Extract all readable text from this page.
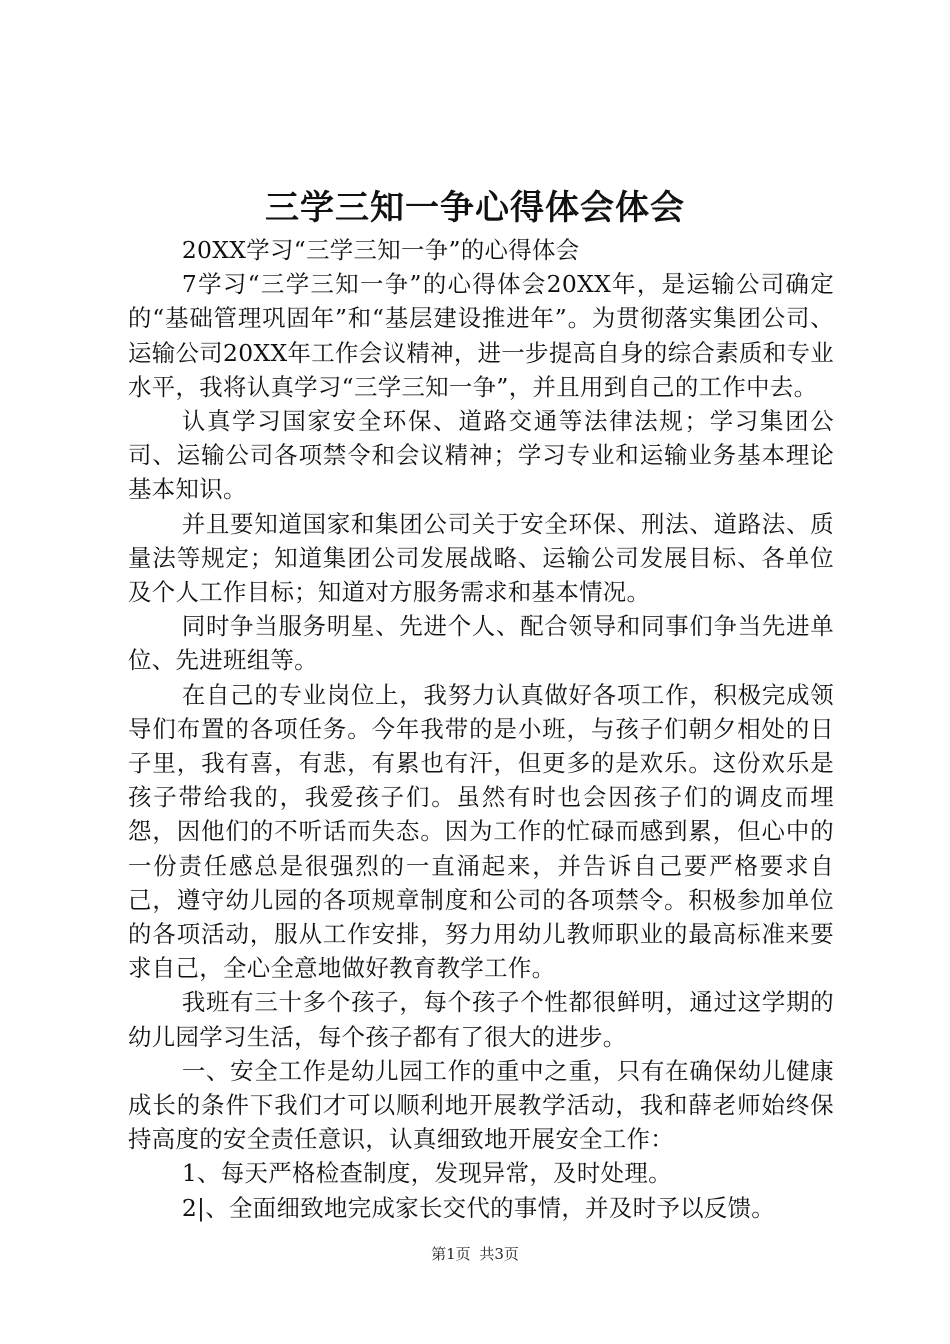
三学三知一争心得体会体会

20XX学习“三学三知一争”的心得体会

7学习“三学三知一争”的心得体会20XX年，是运输公司确定的“基础管理巩固年”和“基层建设推进年”。为贯彻落实集团公司、运输公司20XX年工作会议精神，进一步提高自身的综合素质和专业水平，我将认真学习“三学三知一争”，并且用到自己的工作中去。

认真学习国家安全环保、道路交通等法律法规；学习集团公司、运输公司各项禁令和会议精神；学习专业和运输业务基本理论基本知识。

并且要知道国家和集团公司关于安全环保、刑法、道路法、质量法等规定；知道集团公司发展战略、运输公司发展目标、各单位及个人工作目标；知道对方服务需求和基本情况。

同时争当服务明星、先进个人、配合领导和同事们争当先进单位、先进班组等。

在自己的专业岗位上，我努力认真做好各项工作，积极完成领导们布置的各项任务。今年我带的是小班，与孩子们朝夕相处的日子里，我有喜，有悲，有累也有汗，但更多的是欢乐。这份欢乐是孩子带给我的，我爱孩子们。虽然有时也会因孩子们的调皮而埋怨，因他们的不听话而失态。因为工作的忙碌而感到累，但心中的一份责任感总是很强烈的一直涌起来，并告诉自己要严格要求自己，遵守幼儿园的各项规章制度和公司的各项禁令。积极参加单位的各项活动，服从工作安排，努力用幼儿教师职业的最高标准来要求自己，全心全意地做好教育教学工作。

我班有三十多个孩子，每个孩子个性都很鲜明，通过这学期的幼儿园学习生活，每个孩子都有了很大的进步。

一、安全工作是幼儿园工作的重中之重，只有在确保幼儿健康成长的条件下我们才可以顺利地开展教学活动，我和薛老师始终保持高度的安全责任意识，认真细致地开展安全工作：

1、每天严格检查制度，发现异常，及时处理。

2|、全面细致地完成家长交代的事情，并及时予以反馈。

第1页 共3页
